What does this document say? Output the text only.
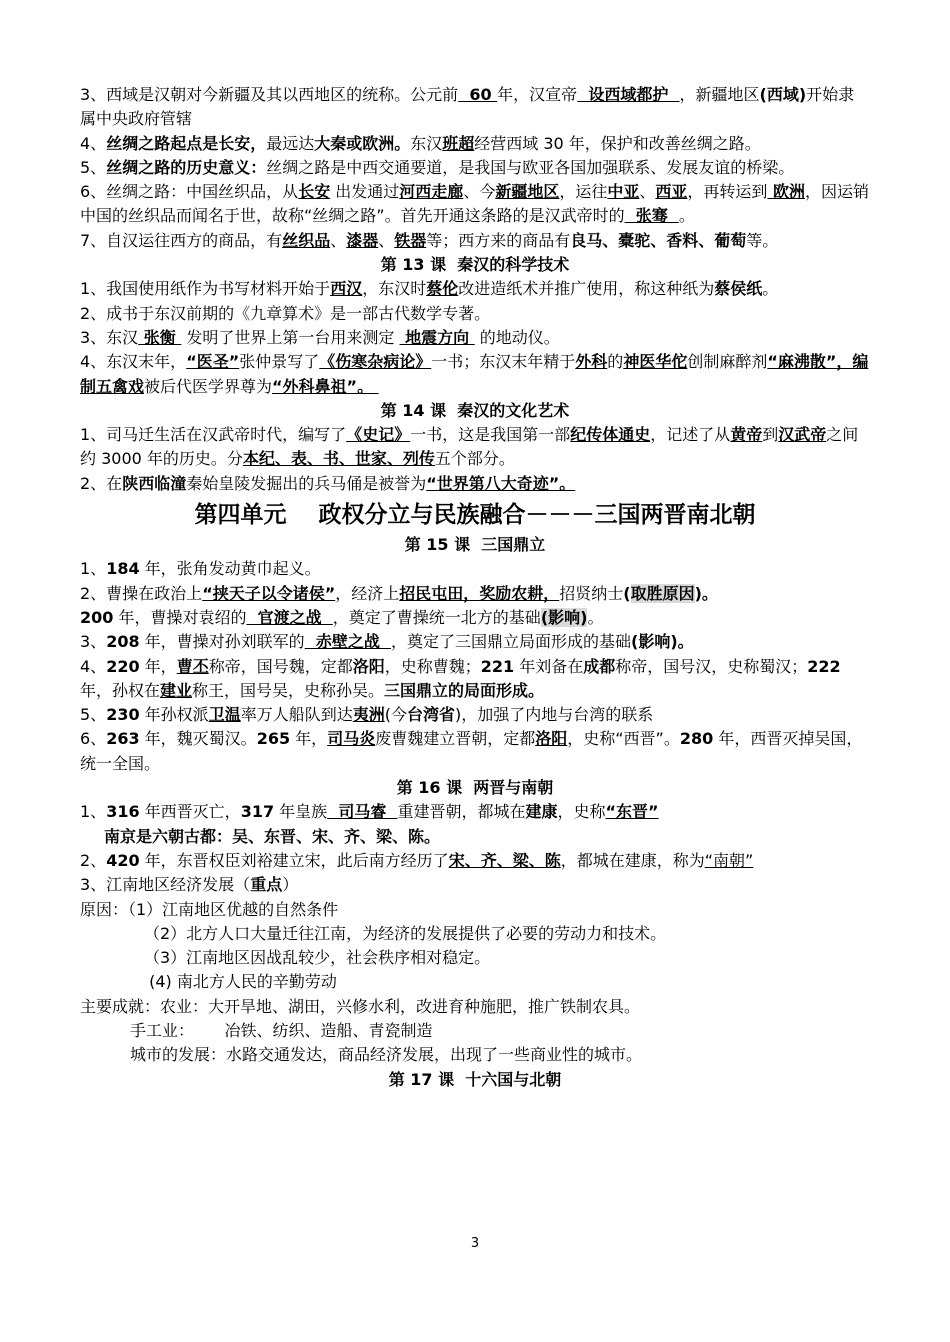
3、西域是汉朝对今新疆及其以西地区的统称。公元前  60 年，汉宣帝  设西域都护  ，新疆地区(西域)开始隶属中央政府管辖

4、丝绸之路起点是长安，最远达大秦或欧洲。东汉班超经营西域 30 年，保护和改善丝绸之路。

5、丝绸之路的历史意义：丝绸之路是中西交通要道，是我国与欧亚各国加强联系、发展友谊的桥梁。

6、丝绸之路：中国丝织品，从长安 出发通过河西走廊、今新疆地区，运往中亚、西亚，再转运到 欧洲，因运销中国的丝织品而闻名于世，故称“丝绸之路”。首先开通这条路的是汉武帝时的  张骞  。

7、自汉运往西方的商品，有丝织品、漆器、铁器等；西方来的商品有良马、橐驼、香料、葡萄等。

第 13 课  秦汉的科学技术

1、我国使用纸作为书写材料开始于西汉，东汉时蔡伦改进造纸术并推广使用，称这种纸为蔡侯纸。

2、成书于东汉前期的《九章算术》是一部古代数学专著。

3、东汉 张衡  发明了世界上第一台用来测定  地震方向  的地动仪。

4、东汉末年，“医圣”张仲景写了《伤寒杂病论》一书；东汉末年精于外科的神医华佗创制麻醉剂“麻沸散”，编制五禽戏被后代医学界尊为“外科鼻祖”。

第 14 课  秦汉的文化艺术

1、司马迁生活在汉武帝时代，编写了《史记》一书，这是我国第一部纪传体通史，记述了从黄帝到汉武帝之间约 3000 年的历史。分本纪、表、书、世家、列传五个部分。

2、在陕西临潼秦始皇陵发掘出的兵马俑是被誉为“世界第八大奇迹”。

第四单元    政权分立与民族融合－－－三国两晋南北朝

第 15 课  三国鼎立

1、184 年，张角发动黄巾起义。

2、曹操在政治上“挟天子以令诸侯”，经济上招民屯田，奖励农耕，招贤纳士(取胜原因)。

200 年，曹操对袁绍的  官渡之战  ，奠定了曹操统一北方的基础(影响)。

3、208 年，曹操对孙刘联军的  赤壁之战  ，奠定了三国鼎立局面形成的基础(影响)。

4、220 年，曹丕称帝，国号魏，定都洛阳，史称曹魏；221 年刘备在成都称帝，国号汉，史称蜀汉；222 年，孙权在建业称王，国号吴，史称孙吴。三国鼎立的局面形成。

5、230 年孙权派卫温率万人船队到达夷洲(今台湾省)，加强了内地与台湾的联系

6、263 年，魏灭蜀汉。265 年，司马炎废曹魏建立晋朝，定都洛阳，史称“西晋”。280 年，西晋灭掉吴国，统一全国。

第 16 课  两晋与南朝

1、316 年西晋灭亡，317 年皇族  司马睿  重建晋朝，都城在建康，史称“东晋”

南京是六朝古都：吴、东晋、宋、齐、梁、陈。

2、420 年，东晋权臣刘裕建立宋，此后南方经历了宋、齐、梁、陈，都城在建康，称为“南朝”

3、江南地区经济发展（重点）

原因：（1）江南地区优越的自然条件

（2）北方人口大量迁往江南，为经济的发展提供了必要的劳动力和技术。

（3）江南地区因战乱较少，社会秩序相对稳定。

(4) 南北方人民的辛勤劳动

主要成就：农业：大开旱地、湖田，兴修水利，改进育种施肥，推广铁制农具。

手工业：      冶铁、纺织、造船、青瓷制造

城市的发展：水路交通发达，商品经济发展，出现了一些商业性的城市。

第 17 课  十六国与北朝

3
